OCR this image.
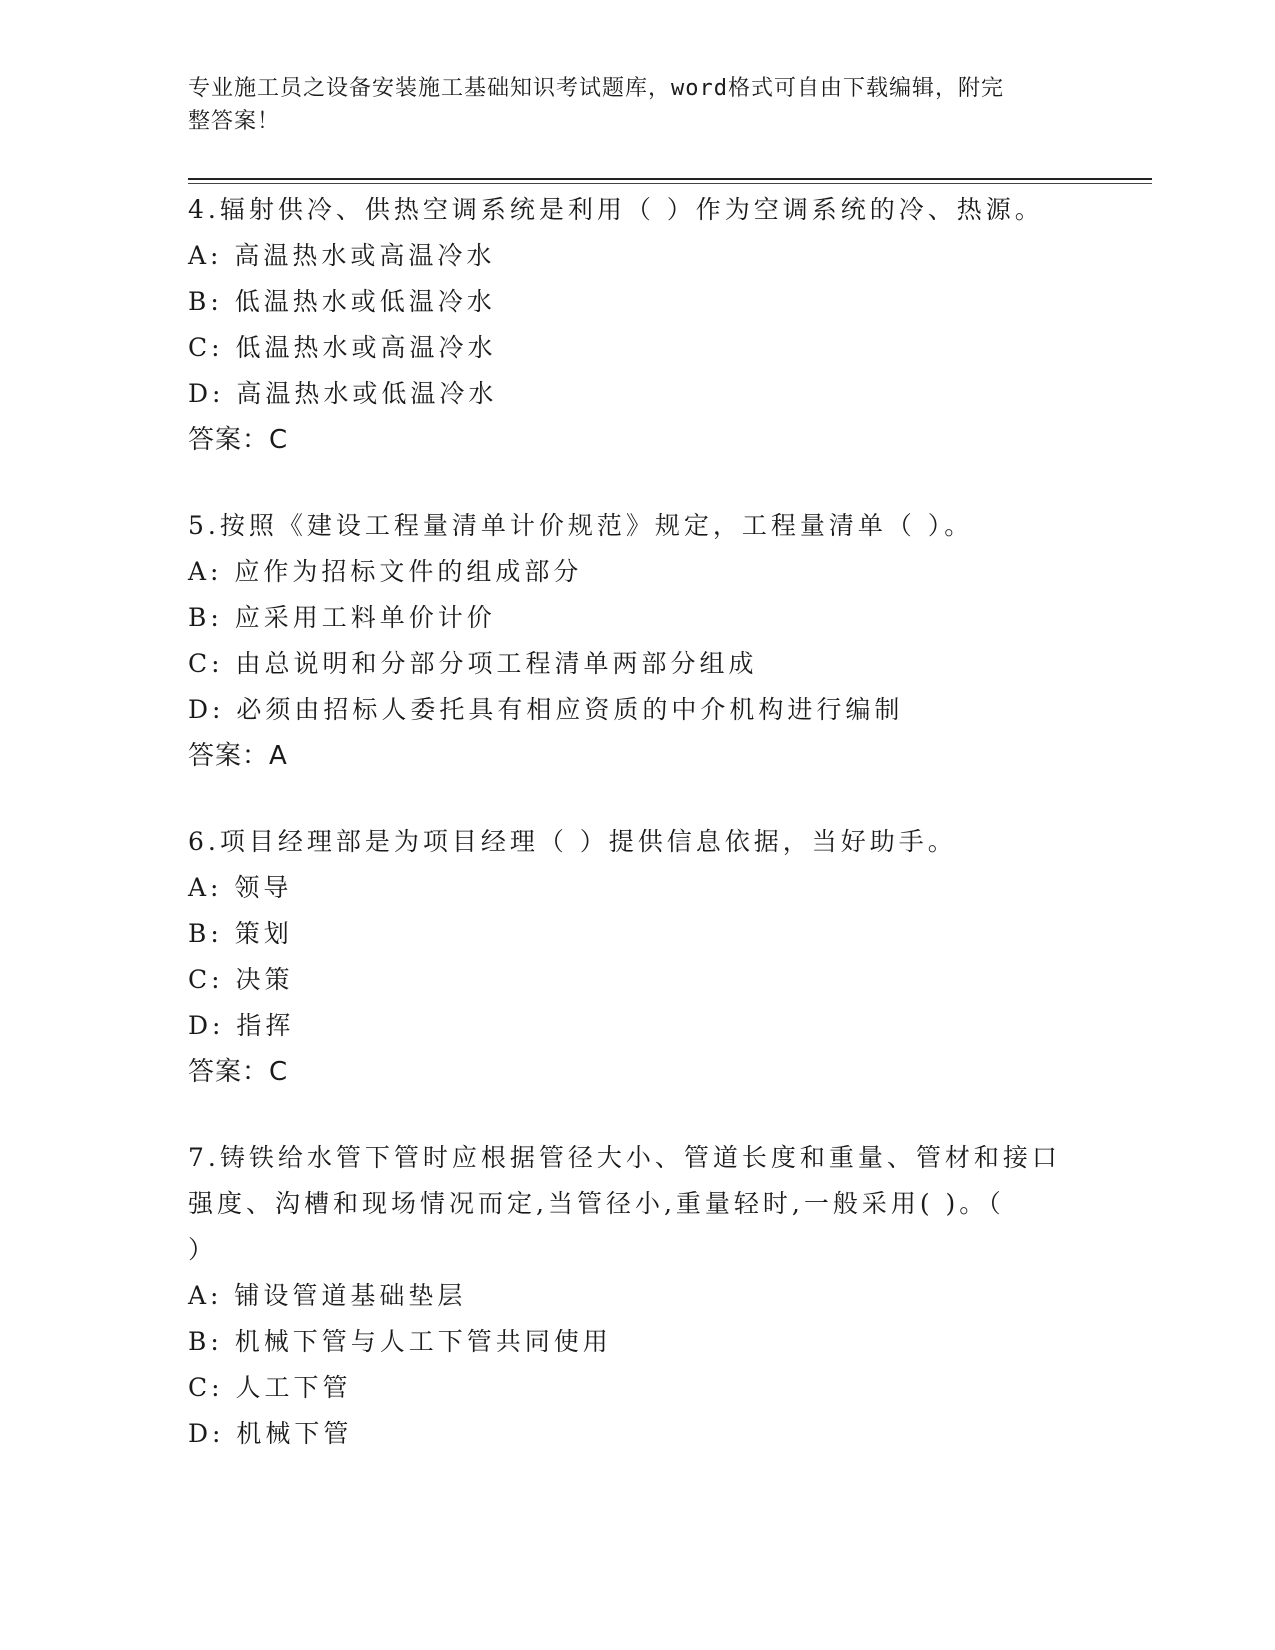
专业施工员之设备安装施工基础知识考试题库，word格式可自由下载编辑，附完
整答案！
4.辐射供冷、供热空调系统是利用（ ）作为空调系统的冷、热源。
A: 高温热水或高温冷水
B: 低温热水或低温冷水
C: 低温热水或高温冷水
D: 高温热水或低温冷水
答案：C
5.按照《建设工程量清单计价规范》规定，工程量清单（ ）。
A: 应作为招标文件的组成部分
B: 应采用工料单价计价
C: 由总说明和分部分项工程清单两部分组成
D: 必须由招标人委托具有相应资质的中介机构进行编制
答案：A
6.项目经理部是为项目经理（ ）提供信息依据，当好助手。
A: 领导
B: 策划
C: 决策
D: 指挥
答案：C
7.铸铁给水管下管时应根据管径大小、管道长度和重量、管材和接口
强度、沟槽和现场情况而定,当管径小,重量轻时,一般采用( )。（
）
A: 铺设管道基础垫层
B: 机械下管与人工下管共同使用
C: 人工下管
D: 机械下管
